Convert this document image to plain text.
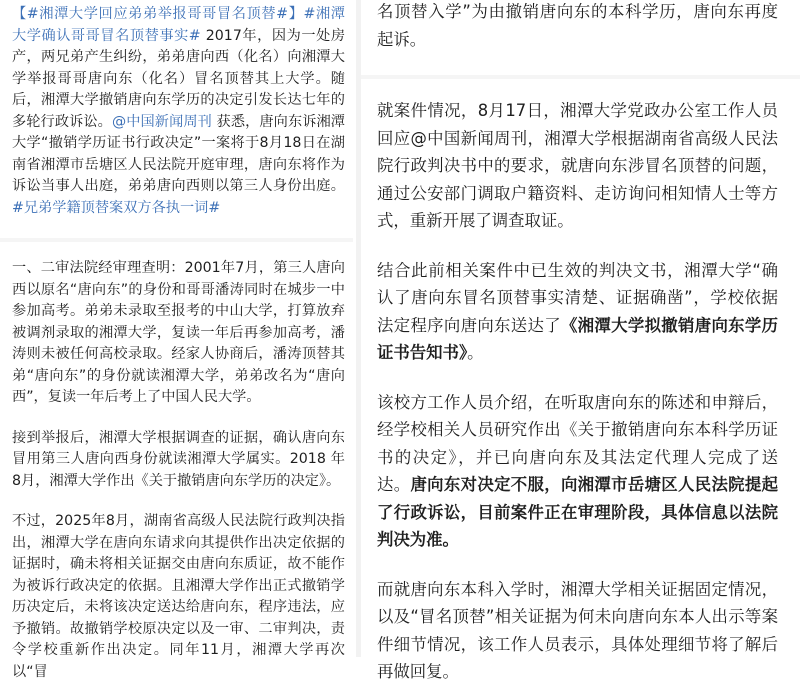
【#湘潭大学回应弟弟举报哥哥冒名顶替#】#湘潭大学确认哥哥冒名顶替事实# 2017年，因为一处房产，两兄弟产生纠纷，弟弟唐向西（化名）向湘潭大学举报哥哥唐向东（化名）冒名顶替其上大学。随后，湘潭大学撤销唐向东学历的决定引发长达七年的多轮行政诉讼。@中国新闻周刊 获悉，唐向东诉湘潭大学“撤销学历证书行政决定”一案将于8月18日在湖南省湘潭市岳塘区人民法院开庭审理，唐向东将作为诉讼当事人出庭，弟弟唐向西则以第三人身份出庭。#兄弟学籍顶替案双方各执一词#

一、二审法院经审理查明：2001年7月，第三人唐向西以原名“唐向东”的身份和哥哥潘涛同时在城步一中参加高考。弟弟未录取至报考的中山大学，打算放弃被调剂录取的湘潭大学，复读一年后再参加高考，潘涛则未被任何高校录取。经家人协商后，潘涛顶替其弟“唐向东”的身份就读湘潭大学，弟弟改名为“唐向西”，复读一年后考上了中国人民大学。

接到举报后，湘潭大学根据调查的证据，确认唐向东冒用第三人唐向西身份就读湘潭大学属实。2018 年8月，湘潭大学作出《关于撤销唐向东学历的决定》。

不过，2025年8月，湖南省高级人民法院行政判决指出，湘潭大学在唐向东请求向其提供作出决定依据的证据时，确未将相关证据交由唐向东质证，故不能作为被诉行政决定的依据。且湘潭大学作出正式撤销学历决定后，未将该决定送达给唐向东，程序违法，应予撤销。故撤销学校原决定以及一审、二审判决，责令学校重新作出决定。同年11月，湘潭大学再次以“冒

名顶替入学”为由撤销唐向东的本科学历，唐向东再度起诉。

就案件情况，8月17日，湘潭大学党政办公室工作人员回应@中国新闻周刊，湘潭大学根据湖南省高级人民法院行政判决书中的要求，就唐向东涉冒名顶替的问题，通过公安部门调取户籍资料、走访询问相知情人士等方式，重新开展了调查取证。

结合此前相关案件中已生效的判决文书，湘潭大学“确认了唐向东冒名顶替事实清楚、证据确凿”，学校依据法定程序向唐向东送达了《湘潭大学拟撤销唐向东学历证书告知书》。

该校方工作人员介绍，在听取唐向东的陈述和申辩后，经学校相关人员研究作出《关于撤销唐向东本科学历证书的决定》，并已向唐向东及其法定代理人完成了送达。唐向东对决定不服，向湘潭市岳塘区人民法院提起了行政诉讼，目前案件正在审理阶段，具体信息以法院判决为准。

而就唐向东本科入学时，湘潭大学相关证据固定情况，以及“冒名顶替”相关证据为何未向唐向东本人出示等案件细节情况，该工作人员表示，具体处理细节将了解后再做回复。
